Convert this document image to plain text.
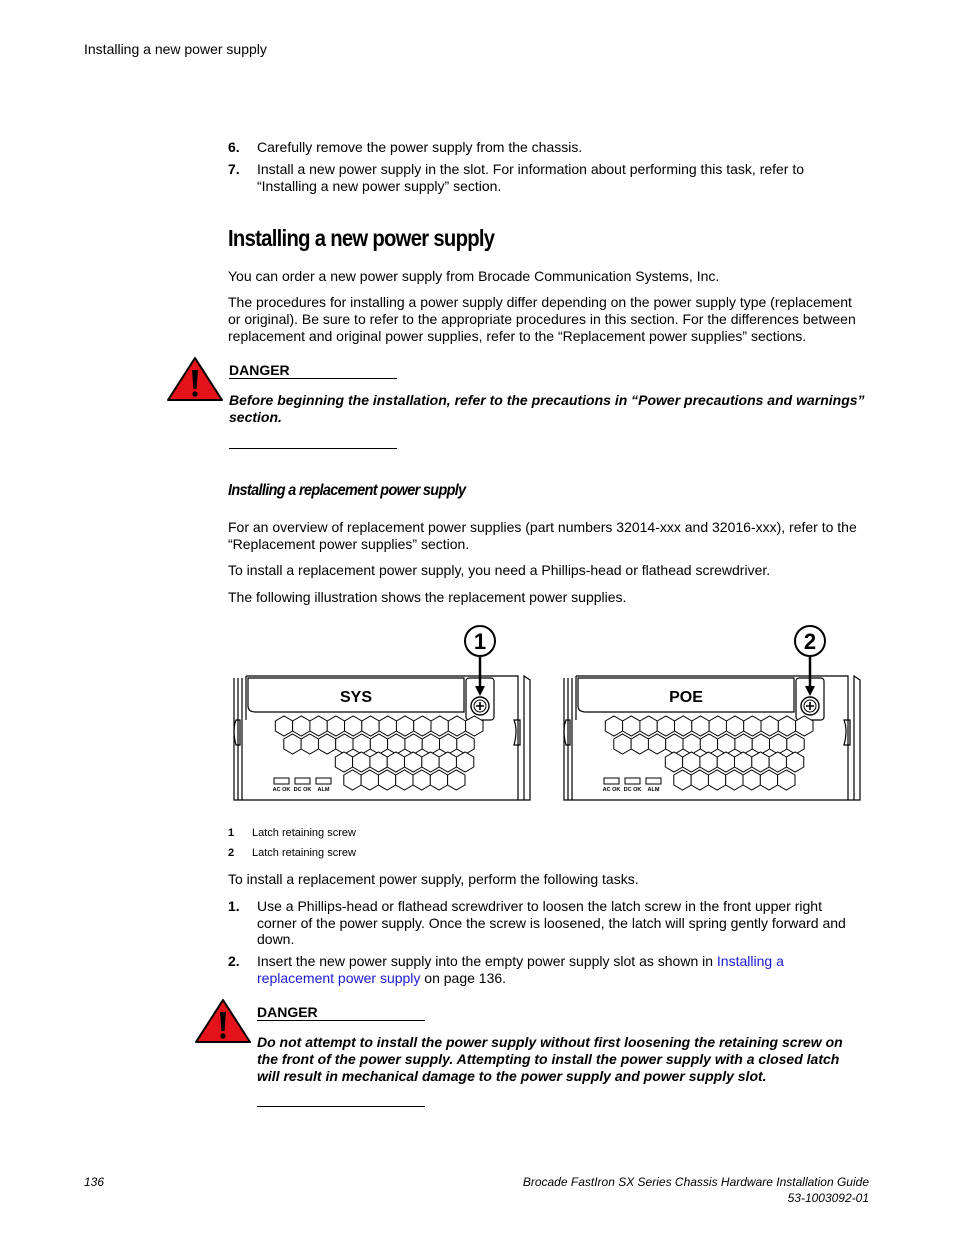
Installing a new power supply
6. Carefully remove the power supply from the chassis.
7. Install a new power supply in the slot. For information about performing this task, refer to
“Installing a new power supply” section.
Installing a new power supply
You can order a new power supply from Brocade Communication Systems, Inc.
The procedures for installing a power supply differ depending on the power supply type (replacement
or original). Be sure to refer to the appropriate procedures in this section. For the differences between
replacement and original power supplies, refer to the “Replacement power supplies” sections.
DANGER
Before beginning the installation, refer to the precautions in “Power precautions and warnings”
section.
Installing a replacement power supply
For an overview of replacement power supplies (part numbers 32014-xxx and 32016-xxx), refer to the
“Replacement power supplies” section.
To install a replacement power supply, you need a Phillips-head or flathead screwdriver.
The following illustration shows the replacement power supplies.
SYS
1
AC OK DC OK ALM
POE
2
AC OK DC OK ALM
1 Latch retaining screw
2 Latch retaining screw
To install a replacement power supply, perform the following tasks.
1. Use a Phillips-head or flathead screwdriver to loosen the latch screw in the front upper right
corner of the power supply. Once the screw is loosened, the latch will spring gently forward and
down.
2. Insert the new power supply into the empty power supply slot as shown in Installing a
replacement power supply on page 136.
DANGER
Do not attempt to install the power supply without first loosening the retaining screw on
the front of the power supply. Attempting to install the power supply with a closed latch
will result in mechanical damage to the power supply and power supply slot.
136	Brocade FastIron SX Series Chassis Hardware Installation Guide
53-1003092-01
